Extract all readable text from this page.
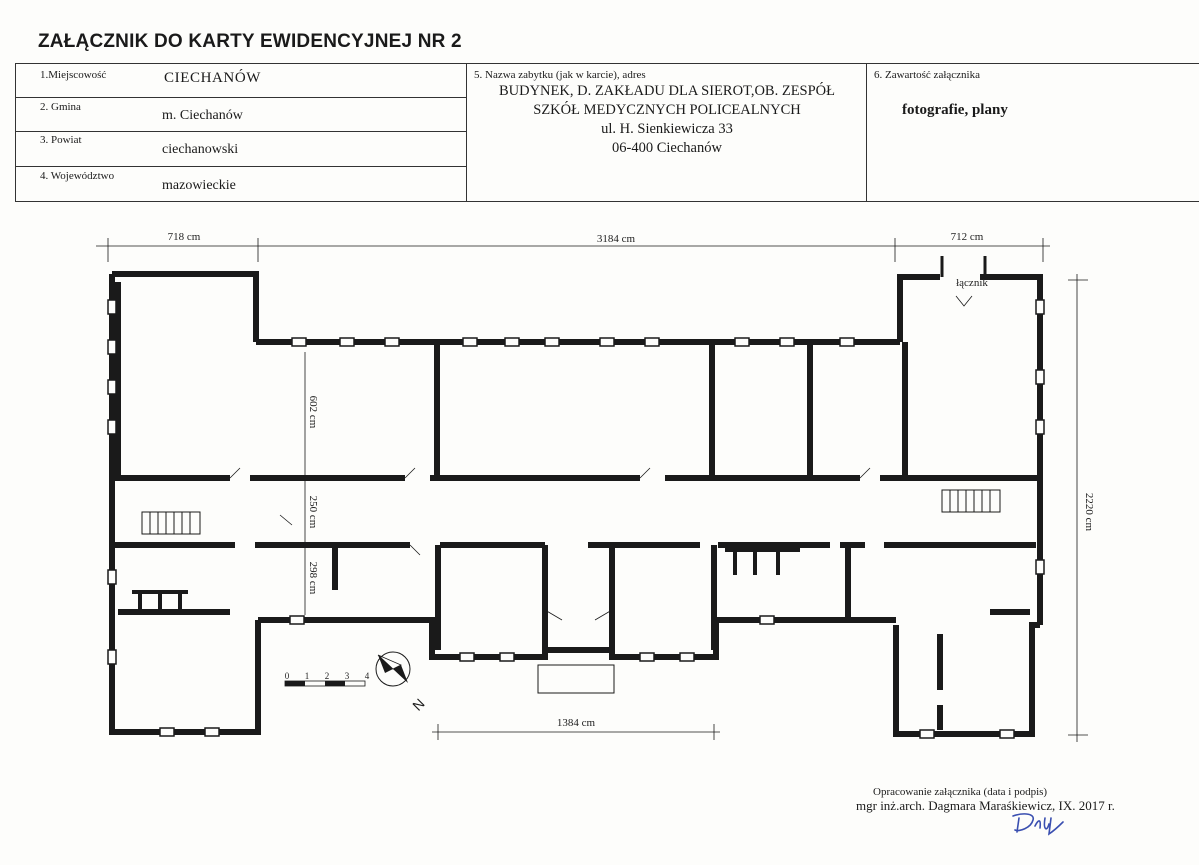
ZAŁĄCZNIK DO KARTY EWIDENCYJNEJ NR 2
1.Miejscowość	CIECHANÓW
2. Gmina
m. Ciechanów
3. Powiat
ciechanowski
4. Województwo
mazowieckie
5. Nazwa zabytku (jak w karcie), adres
BUDYNEK, D. ZAKŁADU DLA SIEROT,OB. ZESPÓŁ
SZKÓŁ MEDYCZNYCH POLICEALNYCH
ul. H. Sienkiewicza 33
06-400 Ciechanów
6. Zawartość załącznika
fotografie, plany
718 cm	3184 cm	712 cm
2220 cm
602 cm
250 cm
298 cm
1384 cm
łącznik
0 1 2 3 4
N
Opracowanie załącznika (data i podpis)
mgr inż.arch. Dagmara Maraśkiewicz, IX. 2017 r.
